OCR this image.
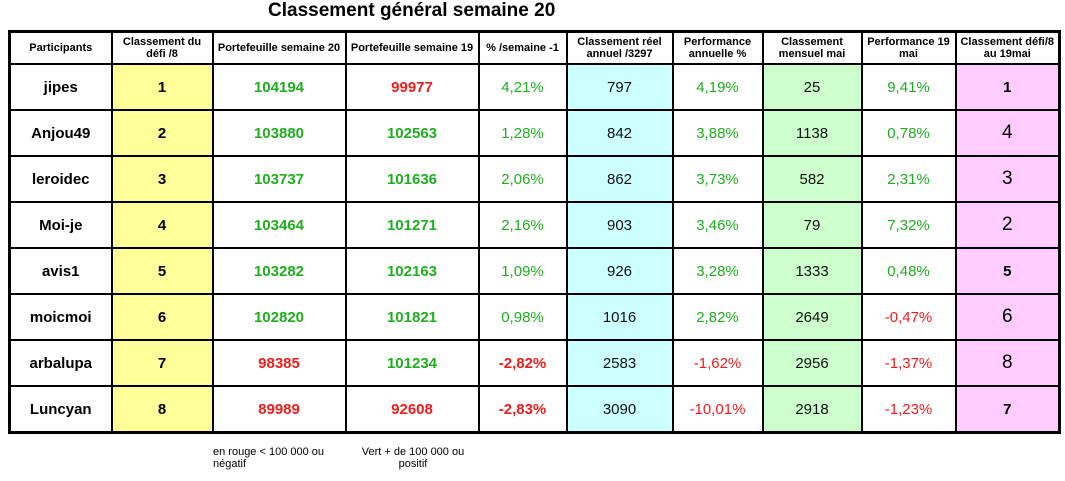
Classement général semaine 20
Participants	Classement du défi /8	Portefeuille semaine 20	Portefeuille semaine 19	% /semaine -1	Classement réel annuel /3297	Performance annuelle %	Classement mensuel mai	Performance 19 mai	Classement défi/8 au 19mai
jipes	1	104194	99977	4,21%	797	4,19%	25	9,41%	1
Anjou49	2	103880	102563	1,28%	842	3,88%	1138	0,78%	4
leroidec	3	103737	101636	2,06%	862	3,73%	582	2,31%	3
Moi-je	4	103464	101271	2,16%	903	3,46%	79	7,32%	2
avis1	5	103282	102163	1,09%	926	3,28%	1333	0,48%	5
moicmoi	6	102820	101821	0,98%	1016	2,82%	2649	-0,47%	6
arbalupa	7	98385	101234	-2,82%	2583	-1,62%	2956	-1,37%	8
Luncyan	8	89989	92608	-2,83%	3090	-10,01%	2918	-1,23%	7
en rouge < 100 000 ou
négatif
Vert + de 100 000 ou
positif
